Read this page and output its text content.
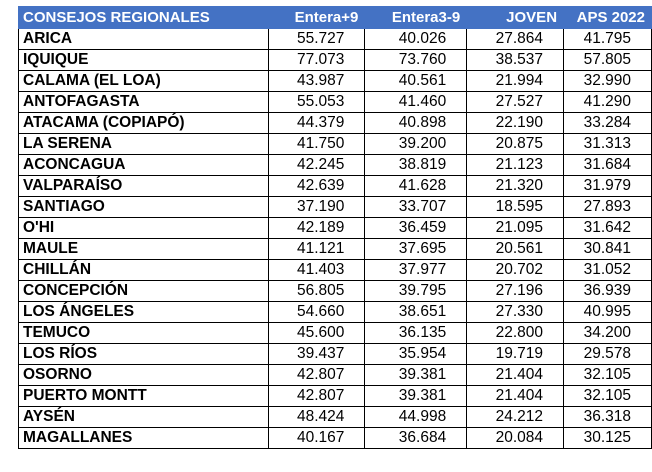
CONSEJOS REGIONALES	Entera+9	Entera3-9	JOVEN	APS 2022
ARICA	55.727	40.026	27.864	41.795
IQUIQUE	77.073	73.760	38.537	57.805
CALAMA (EL LOA)	43.987	40.561	21.994	32.990
ANTOFAGASTA	55.053	41.460	27.527	41.290
ATACAMA (COPIAPÓ)	44.379	40.898	22.190	33.284
LA SERENA	41.750	39.200	20.875	31.313
ACONCAGUA	42.245	38.819	21.123	31.684
VALPARAÍSO	42.639	41.628	21.320	31.979
SANTIAGO	37.190	33.707	18.595	27.893
O'HI	42.189	36.459	21.095	31.642
MAULE	41.121	37.695	20.561	30.841
CHILLÁN	41.403	37.977	20.702	31.052
CONCEPCIÓN	56.805	39.795	27.196	36.939
LOS ÁNGELES	54.660	38.651	27.330	40.995
TEMUCO	45.600	36.135	22.800	34.200
LOS RÍOS	39.437	35.954	19.719	29.578
OSORNO	42.807	39.381	21.404	32.105
PUERTO MONTT	42.807	39.381	21.404	32.105
AYSÉN	48.424	44.998	24.212	36.318
MAGALLANES	40.167	36.684	20.084	30.125
